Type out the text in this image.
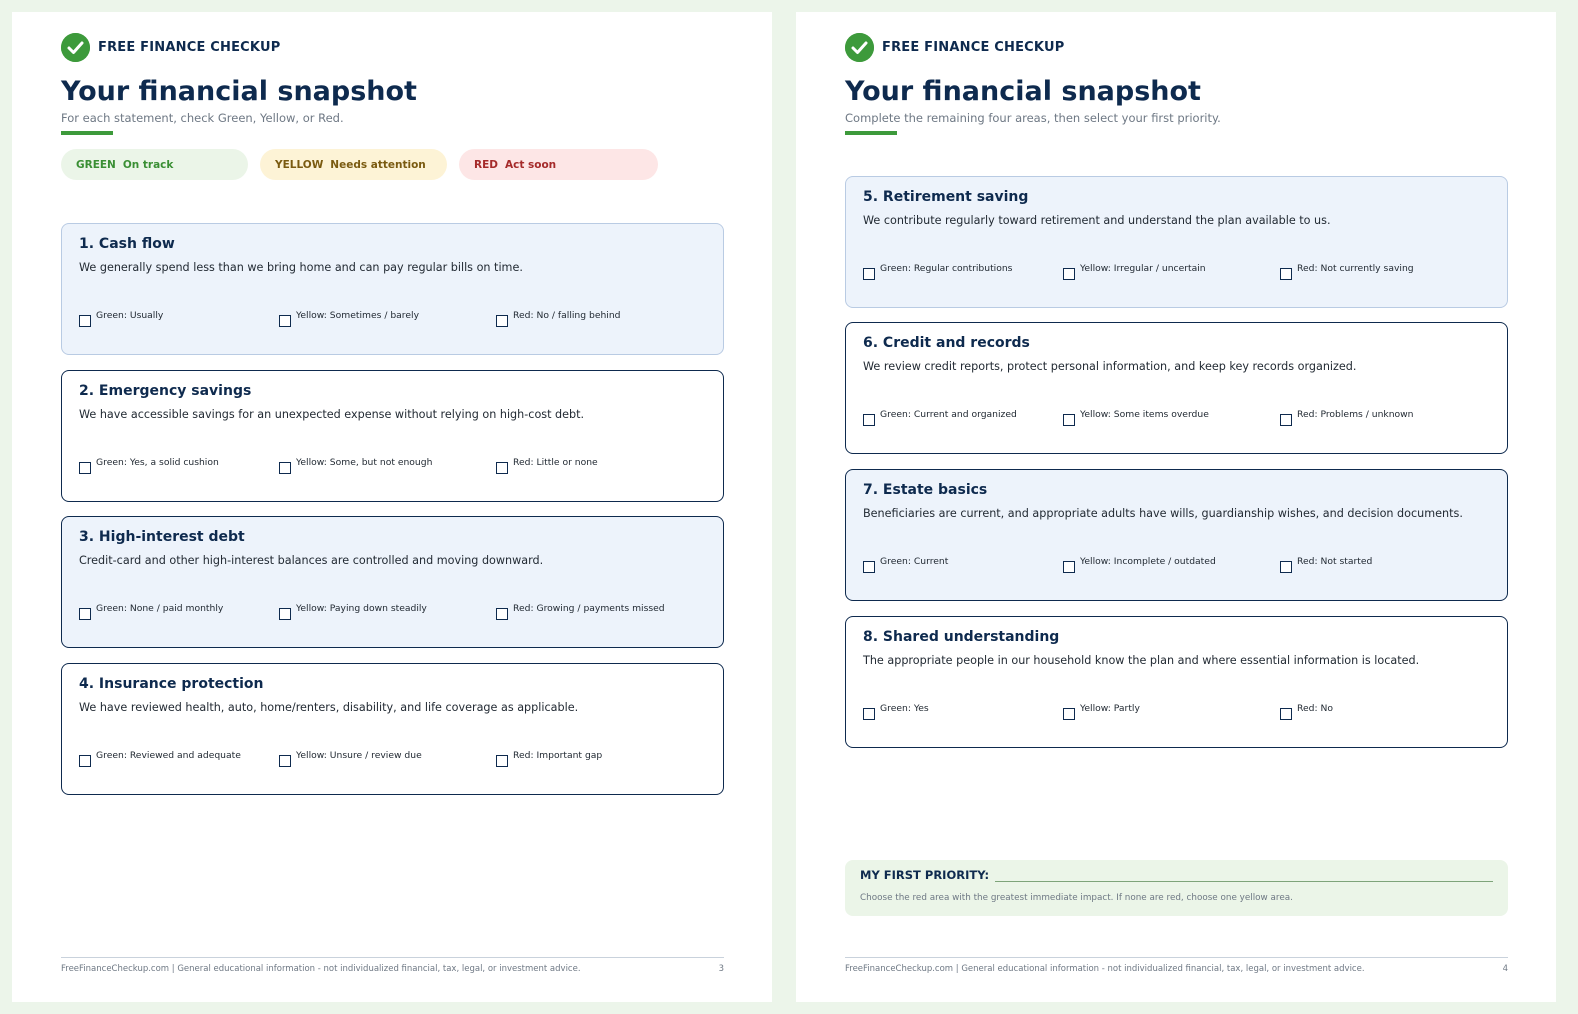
FREE FINANCE CHECKUP
Your financial snapshot
For each statement, check Green, Yellow, or Red.
GREEN On track	YELLOW Needs attention	RED Act soon
1. Cash flow
We generally spend less than we bring home and can pay regular bills on time.
Green: Usually	Yellow: Sometimes / barely	Red: No / falling behind
2. Emergency savings
We have accessible savings for an unexpected expense without relying on high-cost debt.
Green: Yes, a solid cushion	Yellow: Some, but not enough	Red: Little or none
3. High-interest debt
Credit-card and other high-interest balances are controlled and moving downward.
Green: None / paid monthly	Yellow: Paying down steadily	Red: Growing / payments missed
4. Insurance protection
We have reviewed health, auto, home/renters, disability, and life coverage as applicable.
Green: Reviewed and adequate	Yellow: Unsure / review due	Red: Important gap
FreeFinanceCheckup.com | General educational information - not individualized financial, tax, legal, or investment advice.	3
FREE FINANCE CHECKUP
Your financial snapshot
Complete the remaining four areas, then select your first priority.
5. Retirement saving
We contribute regularly toward retirement and understand the plan available to us.
Green: Regular contributions	Yellow: Irregular / uncertain	Red: Not currently saving
6. Credit and records
We review credit reports, protect personal information, and keep key records organized.
Green: Current and organized	Yellow: Some items overdue	Red: Problems / unknown
7. Estate basics
Beneficiaries are current, and appropriate adults have wills, guardianship wishes, and decision documents.
Green: Current	Yellow: Incomplete / outdated	Red: Not started
8. Shared understanding
The appropriate people in our household know the plan and where essential information is located.
Green: Yes	Yellow: Partly	Red: No
MY FIRST PRIORITY:
Choose the red area with the greatest immediate impact. If none are red, choose one yellow area.
FreeFinanceCheckup.com | General educational information - not individualized financial, tax, legal, or investment advice.	4
